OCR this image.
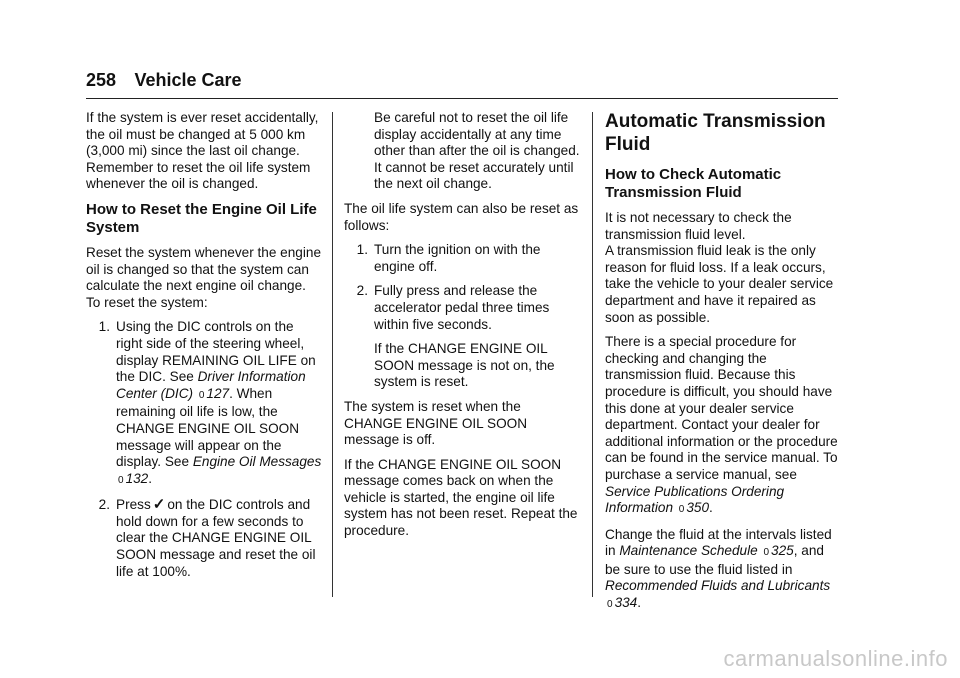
258 Vehicle Care

If the system is ever reset accidentally, the oil must be changed at 5 000 km (3,000 mi) since the last oil change.

Remember to reset the oil life system whenever the oil is changed.

How to Reset the Engine Oil Life System

Reset the system whenever the engine oil is changed so that the system can calculate the next engine oil change. To reset the system:

1. Using the DIC controls on the right side of the steering wheel, display REMAINING OIL LIFE on the DIC. See Driver Information Center (DIC) 0 127. When remaining oil life is low, the CHANGE ENGINE OIL SOON message will appear on the display. See Engine Oil Messages 0 132.
2. Press ✓ on the DIC controls and hold down for a few seconds to clear the CHANGE ENGINE OIL SOON message and reset the oil life at 100%.

Be careful not to reset the oil life display accidentally at any time other than after the oil is changed. It cannot be reset accurately until the next oil change.

The oil life system can also be reset as follows:

1. Turn the ignition on with the engine off.
2. Fully press and release the accelerator pedal three times within five seconds.

If the CHANGE ENGINE OIL SOON message is not on, the system is reset.

The system is reset when the CHANGE ENGINE OIL SOON message is off.

If the CHANGE ENGINE OIL SOON message comes back on when the vehicle is started, the engine oil life system has not been reset. Repeat the procedure.

Automatic Transmission Fluid
How to Check Automatic Transmission Fluid

It is not necessary to check the transmission fluid level.

A transmission fluid leak is the only reason for fluid loss. If a leak occurs, take the vehicle to your dealer service department and have it repaired as soon as possible.

There is a special procedure for checking and changing the transmission fluid. Because this procedure is difficult, you should have this done at your dealer service department. Contact your dealer for additional information or the procedure can be found in the service manual. To purchase a service manual, see Service Publications Ordering Information 0 350.

Change the fluid at the intervals listed in Maintenance Schedule 0 325, and be sure to use the fluid listed in Recommended Fluids and Lubricants 0 334.

carmanualsonline.info
